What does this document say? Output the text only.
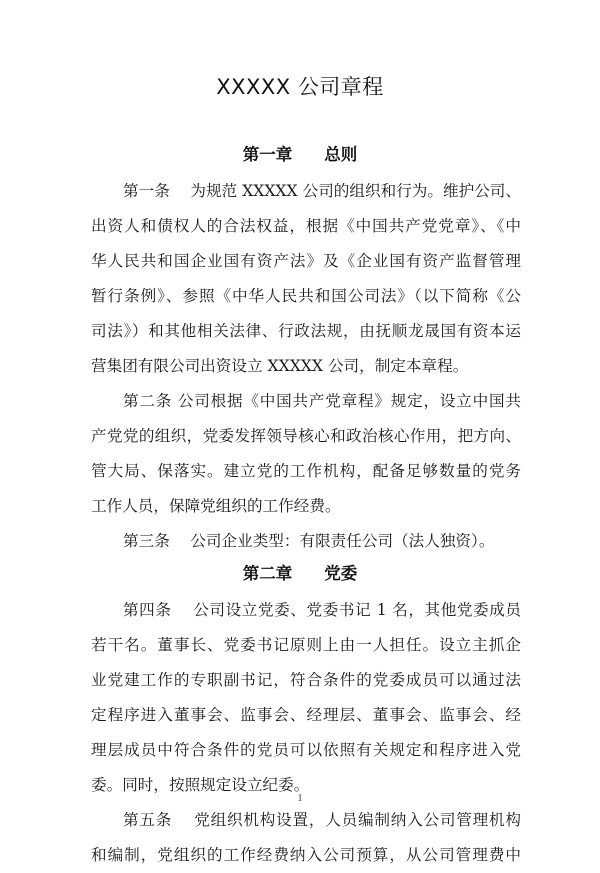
XXXXX 公司章程
第一章 总则
第一条　 为规范 XXXXX 公司的组织和行为。维护公司、
出资人和债权人的合法权益，根据《中国共产党党章》、《中
华人民共和国企业国有资产法》及《企业国有资产监督管理
暂行条例》、参照《中华人民共和国公司法》（以下简称《公
司法》）和其他相关法律、行政法规，由抚顺龙晟国有资本运
营集团有限公司出资设立 XXXXX 公司，制定本章程。
第二条 公司根据《中国共产党章程》规定，设立中国共
产党党的组织，党委发挥领导核心和政治核心作用，把方向、
管大局、保落实。建立党的工作机构，配备足够数量的党务
工作人员，保障党组织的工作经费。
第三条　 公司企业类型：有限责任公司（法人独资）。
第二章 党委
第四条　 公司设立党委、党委书记 1 名，其他党委成员
若干名。董事长、党委书记原则上由一人担任。设立主抓企
业党建工作的专职副书记，符合条件的党委成员可以通过法
定程序进入董事会、监事会、经理层、董事会、监事会、经
理层成员中符合条件的党员可以依照有关规定和程序进入党
委。同时，按照规定设立纪委。
第五条　 党组织机构设置，人员编制纳入公司管理机构
和编制，党组织的工作经费纳入公司预算，从公司管理费中
1
